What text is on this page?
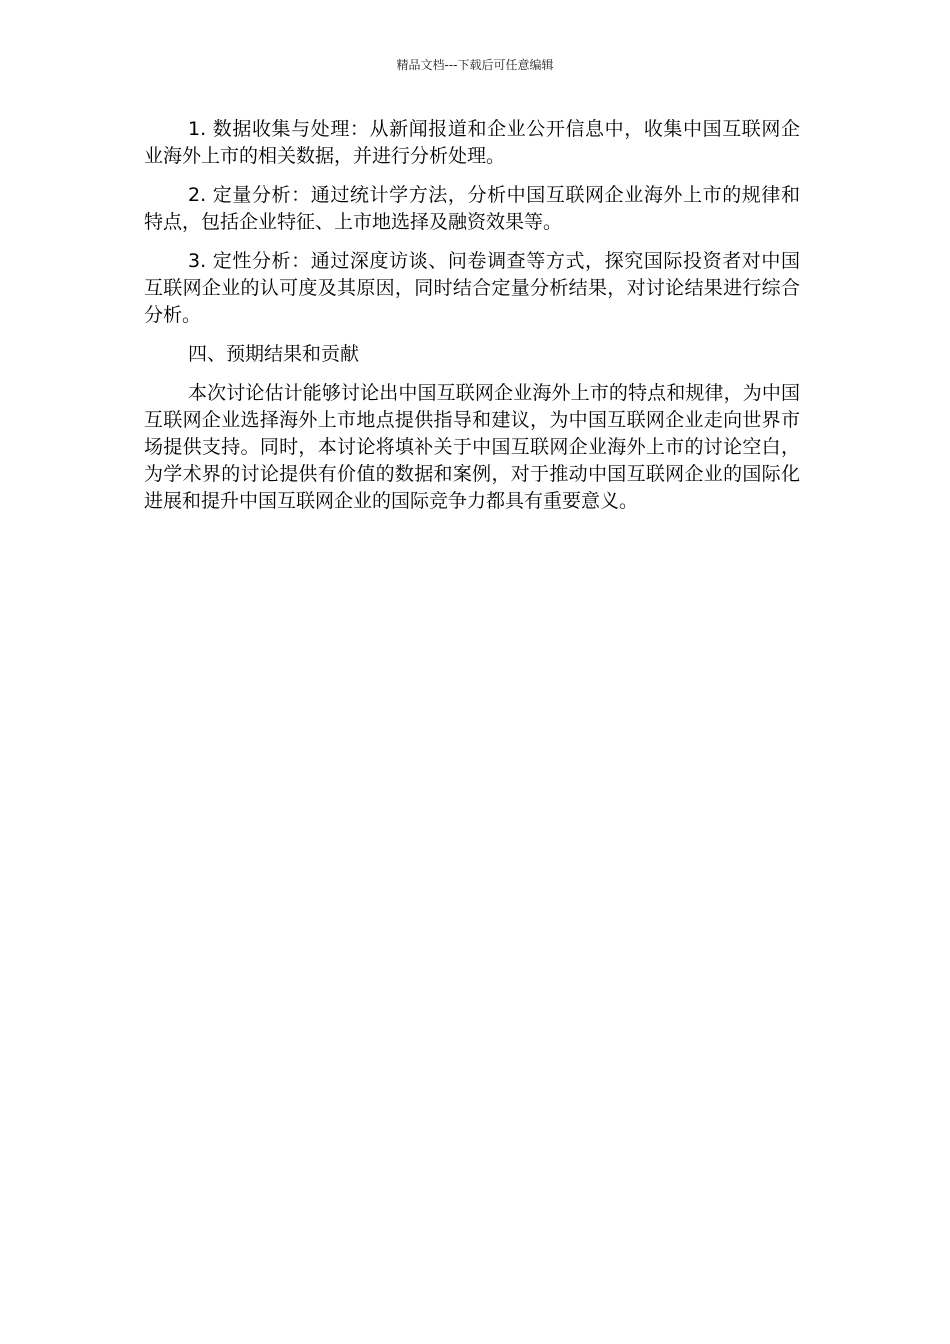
精品文档---下载后可任意编辑

1. 数据收集与处理：从新闻报道和企业公开信息中，收集中国互联网企业海外上市的相关数据，并进行分析处理。

2. 定量分析：通过统计学方法，分析中国互联网企业海外上市的规律和特点，包括企业特征、上市地选择及融资效果等。

3. 定性分析：通过深度访谈、问卷调查等方式，探究国际投资者对中国互联网企业的认可度及其原因，同时结合定量分析结果，对讨论结果进行综合分析。

四、预期结果和贡献

本次讨论估计能够讨论出中国互联网企业海外上市的特点和规律，为中国互联网企业选择海外上市地点提供指导和建议，为中国互联网企业走向世界市场提供支持。同时，本讨论将填补关于中国互联网企业海外上市的讨论空白，为学术界的讨论提供有价值的数据和案例，对于推动中国互联网企业的国际化进展和提升中国互联网企业的国际竞争力都具有重要意义。
